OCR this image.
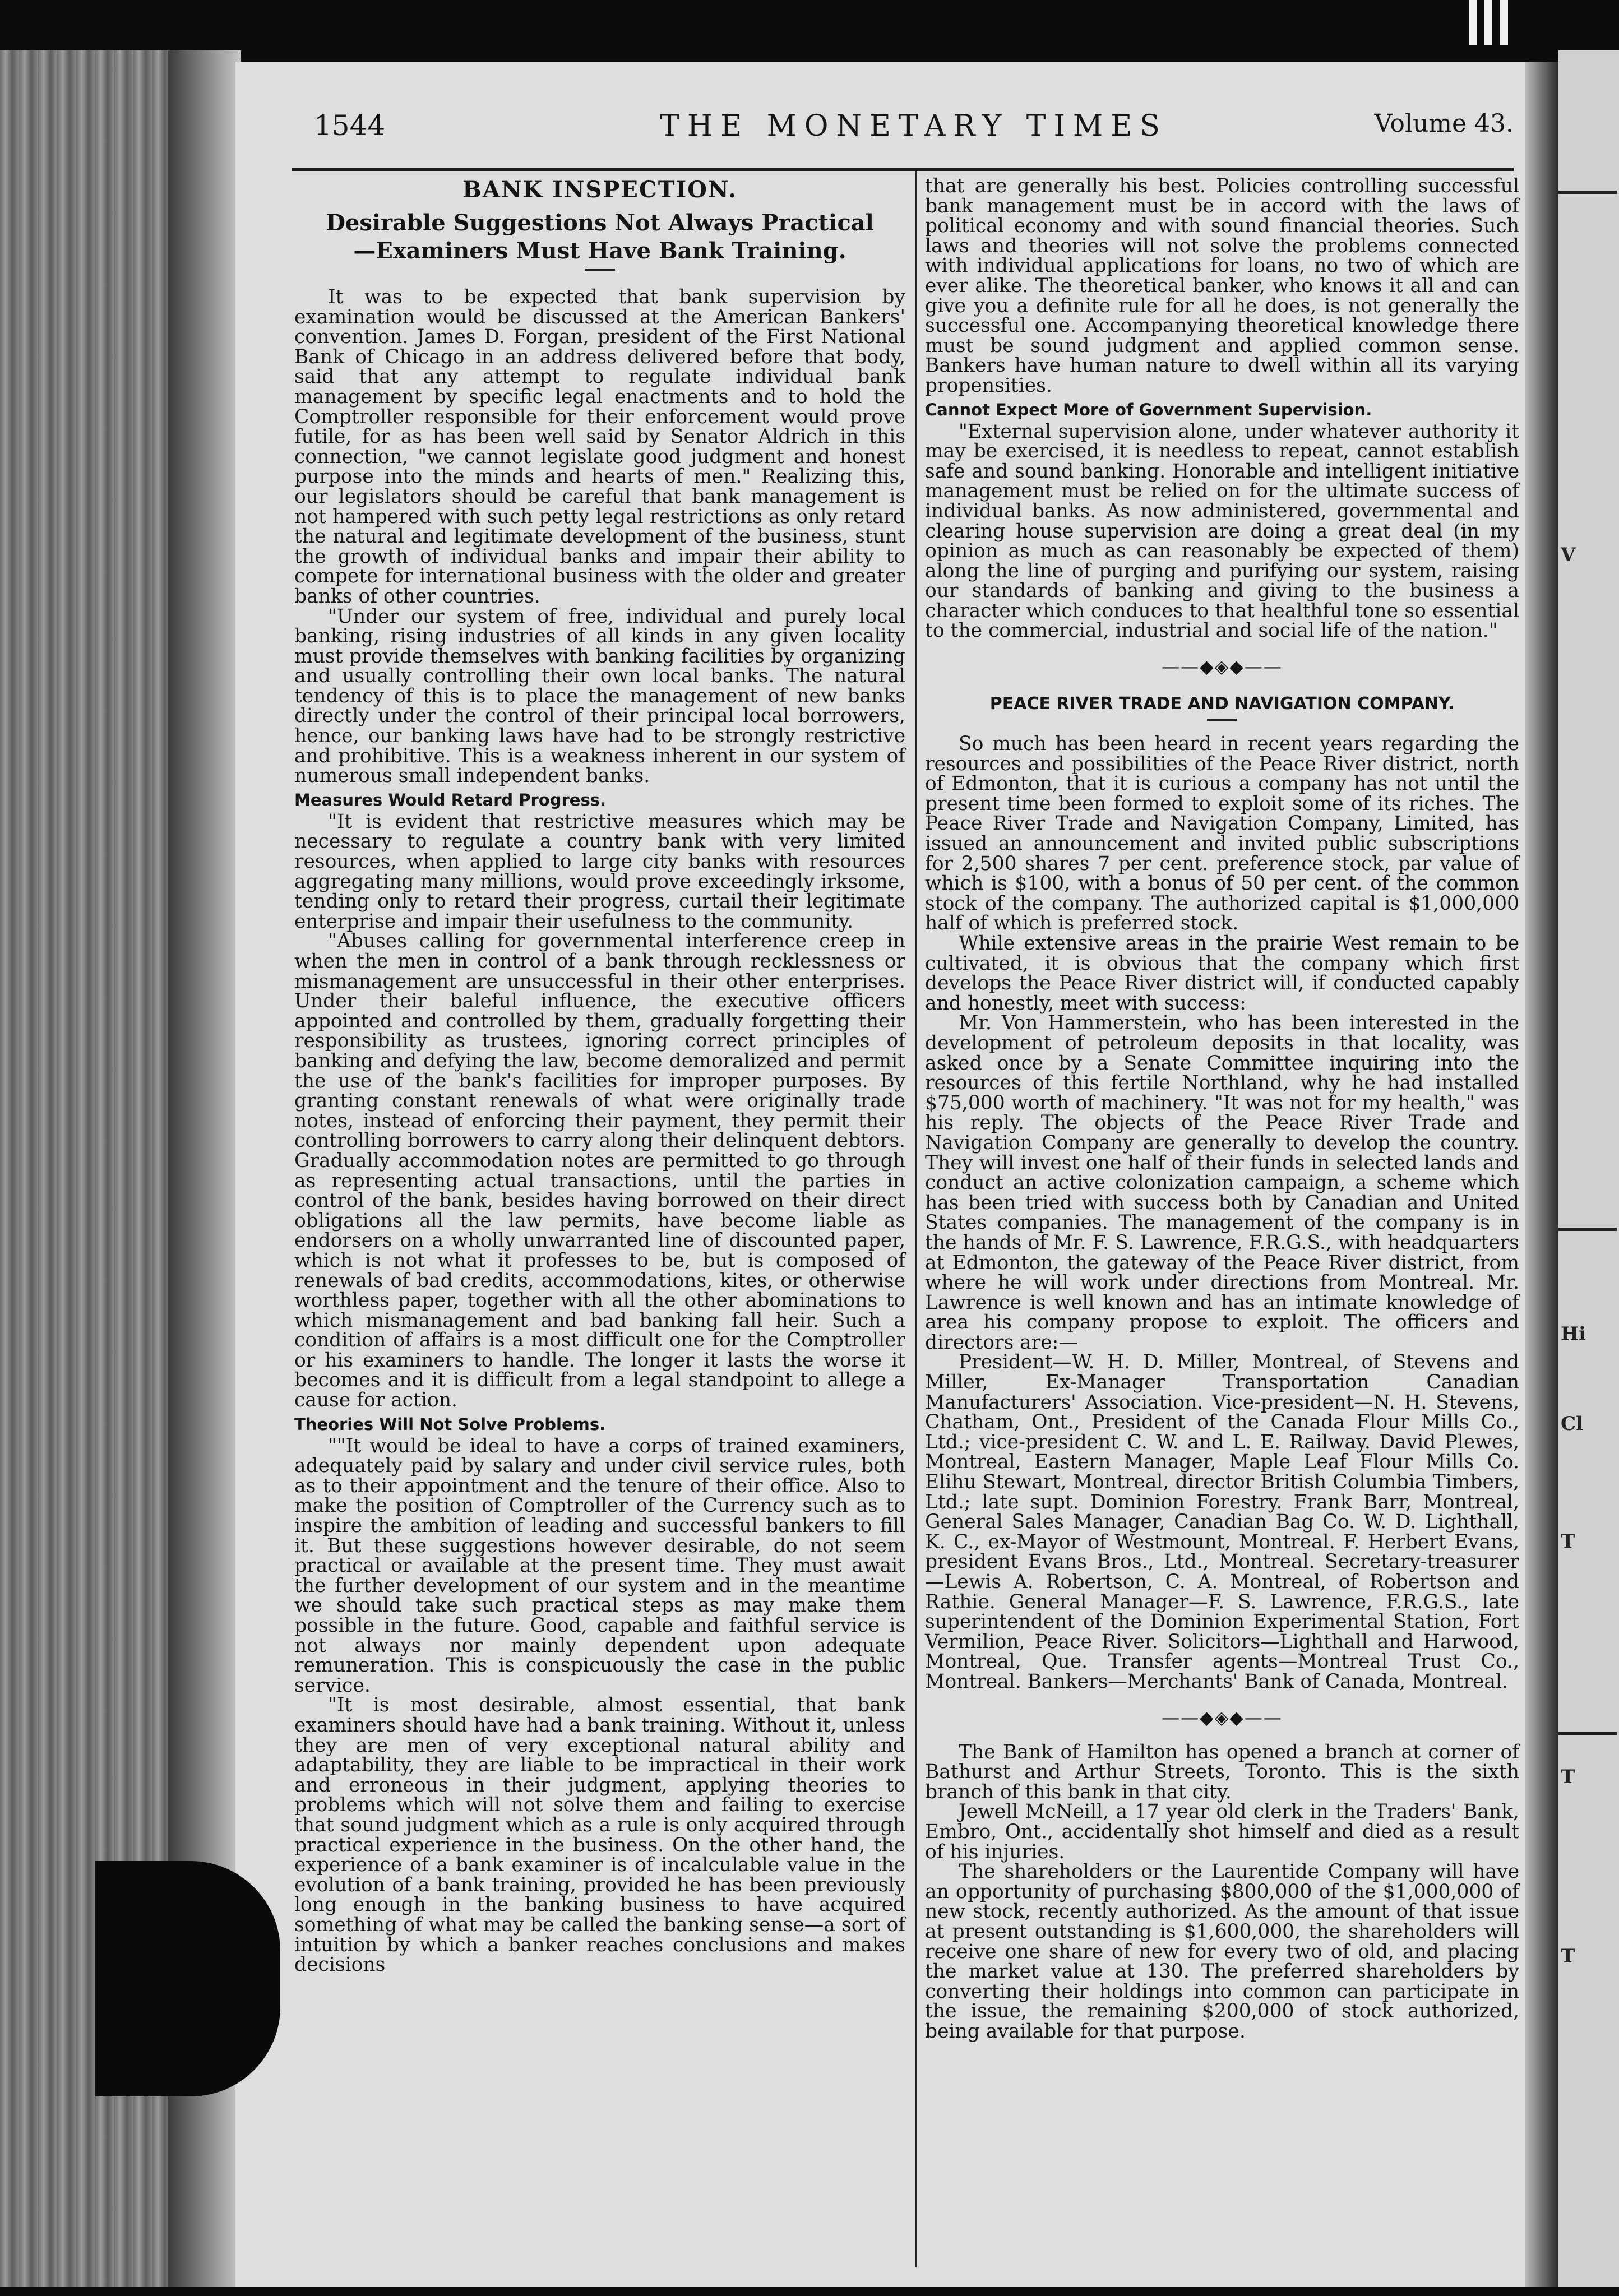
V
Hi
Cl
T
T
T
1544	THE MONETARY TIMES	Volume 43.
BANK INSPECTION.
Desirable Suggestions Not Always Practical—Examiners Must Have Bank Training.

It was to be expected that bank supervision by examination would be discussed at the American Bankers' convention. James D. Forgan, president of the First National Bank of Chicago in an address delivered before that body, said that any attempt to regulate individual bank management by specific legal enactments and to hold the Comptroller responsible for their enforcement would prove futile, for as has been well said by Senator Aldrich in this connection, "we cannot legislate good judgment and honest purpose into the minds and hearts of men." Realizing this, our legislators should be careful that bank management is not hampered with such petty legal restrictions as only retard the natural and legitimate development of the business, stunt the growth of individual banks and impair their ability to compete for international business with the older and greater banks of other countries.

"Under our system of free, individual and purely local banking, rising industries of all kinds in any given locality must provide themselves with banking facilities by organizing and usually controlling their own local banks. The natural tendency of this is to place the management of new banks directly under the control of their principal local borrowers, hence, our banking laws have had to be strongly restrictive and prohibitive. This is a weakness inherent in our system of numerous small independent banks.

Measures Would Retard Progress.

"It is evident that restrictive measures which may be necessary to regulate a country bank with very limited resources, when applied to large city banks with resources aggregating many millions, would prove exceedingly irksome, tending only to retard their progress, curtail their legitimate enterprise and impair their usefulness to the community.

"Abuses calling for governmental interference creep in when the men in control of a bank through recklessness or mismanagement are unsuccessful in their other enterprises. Under their baleful influence, the executive officers appointed and controlled by them, gradually forgetting their responsibility as trustees, ignoring correct principles of banking and defying the law, become demoralized and permit the use of the bank's facilities for improper purposes. By granting constant renewals of what were originally trade notes, instead of enforcing their payment, they permit their controlling borrowers to carry along their delinquent debtors. Gradually accommodation notes are permitted to go through as representing actual transactions, until the parties in control of the bank, besides having borrowed on their direct obligations all the law permits, have become liable as endorsers on a wholly unwarranted line of discounted paper, which is not what it professes to be, but is composed of renewals of bad credits, accommodations, kites, or otherwise worthless paper, together with all the other abominations to which mismanagement and bad banking fall heir. Such a condition of affairs is a most difficult one for the Comptroller or his examiners to handle. The longer it lasts the worse it becomes and it is difficult from a legal standpoint to allege a cause for action.

Theories Will Not Solve Problems.

""It would be ideal to have a corps of trained examiners, adequately paid by salary and under civil service rules, both as to their appointment and the tenure of their office. Also to make the position of Comptroller of the Currency such as to inspire the ambition of leading and successful bankers to fill it. But these suggestions however desirable, do not seem practical or available at the present time. They must await the further development of our system and in the meantime we should take such practical steps as may make them possible in the future. Good, capable and faithful service is not always nor mainly dependent upon adequate remuneration. This is conspicuously the case in the public service.

"It is most desirable, almost essential, that bank examiners should have had a bank training. Without it, unless they are men of very exceptional natural ability and adaptability, they are liable to be impractical in their work and erroneous in their judgment, applying theories to problems which will not solve them and failing to exercise that sound judgment which as a rule is only acquired through practical experience in the business. On the other hand, the experience of a bank examiner is of incalculable value in the evolution of a bank training, provided he has been previously long enough in the banking business to have acquired something of what may be called the banking sense—a sort of intuition by which a banker reaches conclusions and makes decisions

that are generally his best. Policies controlling successful bank management must be in accord with the laws of political economy and with sound financial theories. Such laws and theories will not solve the problems connected with individual applications for loans, no two of which are ever alike. The theoretical banker, who knows it all and can give you a definite rule for all he does, is not generally the successful one. Accompanying theoretical knowledge there must be sound judgment and applied common sense. Bankers have human nature to dwell within all its varying propensities.

Cannot Expect More of Government Supervision.

"External supervision alone, under whatever authority it may be exercised, it is needless to repeat, cannot establish safe and sound banking. Honorable and intelligent initiative management must be relied on for the ultimate success of individual banks. As now administered, governmental and clearing house supervision are doing a great deal (in my opinion as much as can reasonably be expected of them) along the line of purging and purifying our system, raising our standards of banking and giving to the business a character which conduces to that healthful tone so essential to the commercial, industrial and social life of the nation."

——◆◈◆——
PEACE RIVER TRADE AND NAVIGATION COMPANY.

So much has been heard in recent years regarding the resources and possibilities of the Peace River district, north of Edmonton, that it is curious a company has not until the present time been formed to exploit some of its riches. The Peace River Trade and Navigation Company, Limited, has issued an announcement and invited public subscriptions for 2,500 shares 7 per cent. preference stock, par value of which is $100, with a bonus of 50 per cent. of the common stock of the company. The authorized capital is $1,000,000 half of which is preferred stock.

While extensive areas in the prairie West remain to be cultivated, it is obvious that the company which first develops the Peace River district will, if conducted capably and honestly, meet with success:

Mr. Von Hammerstein, who has been interested in the development of petroleum deposits in that locality, was asked once by a Senate Committee inquiring into the resources of this fertile Northland, why he had installed $75,000 worth of machinery. "It was not for my health," was his reply. The objects of the Peace River Trade and Navigation Company are generally to develop the country. They will invest one half of their funds in selected lands and conduct an active colonization campaign, a scheme which has been tried with success both by Canadian and United States companies. The management of the company is in the hands of Mr. F. S. Lawrence, F.R.G.S., with headquarters at Edmonton, the gateway of the Peace River district, from where he will work under directions from Montreal. Mr. Lawrence is well known and has an intimate knowledge of area his company propose to exploit. The officers and directors are:—

President—W. H. D. Miller, Montreal, of Stevens and Miller, Ex-Manager Transportation Canadian Manufacturers' Association. Vice-president—N. H. Stevens, Chatham, Ont., President of the Canada Flour Mills Co., Ltd.; vice-president C. W. and L. E. Railway. David Plewes, Montreal, Eastern Manager, Maple Leaf Flour Mills Co. Elihu Stewart, Montreal, director British Columbia Timbers, Ltd.; late supt. Dominion Forestry. Frank Barr, Montreal, General Sales Manager, Canadian Bag Co. W. D. Lighthall, K. C., ex-Mayor of Westmount, Montreal. F. Herbert Evans, president Evans Bros., Ltd., Montreal. Secretary-treasurer—Lewis A. Robertson, C. A. Montreal, of Robertson and Rathie. General Manager—F. S. Lawrence, F.R.G.S., late superintendent of the Dominion Experimental Station, Fort Vermilion, Peace River. Solicitors—Lighthall and Harwood, Montreal, Que. Transfer agents—Montreal Trust Co., Montreal. Bankers—Merchants' Bank of Canada, Montreal.

——◆◈◆——

The Bank of Hamilton has opened a branch at corner of Bathurst and Arthur Streets, Toronto. This is the sixth branch of this bank in that city.

Jewell McNeill, a 17 year old clerk in the Traders' Bank, Embro, Ont., accidentally shot himself and died as a result of his injuries.

The shareholders or the Laurentide Company will have an opportunity of purchasing $800,000 of the $1,000,000 of new stock, recently authorized. As the amount of that issue at present outstanding is $1,600,000, the shareholders will receive one share of new for every two of old, and placing the market value at 130. The preferred shareholders by converting their holdings into common can participate in the issue, the remaining $200,000 of stock authorized, being available for that purpose.
